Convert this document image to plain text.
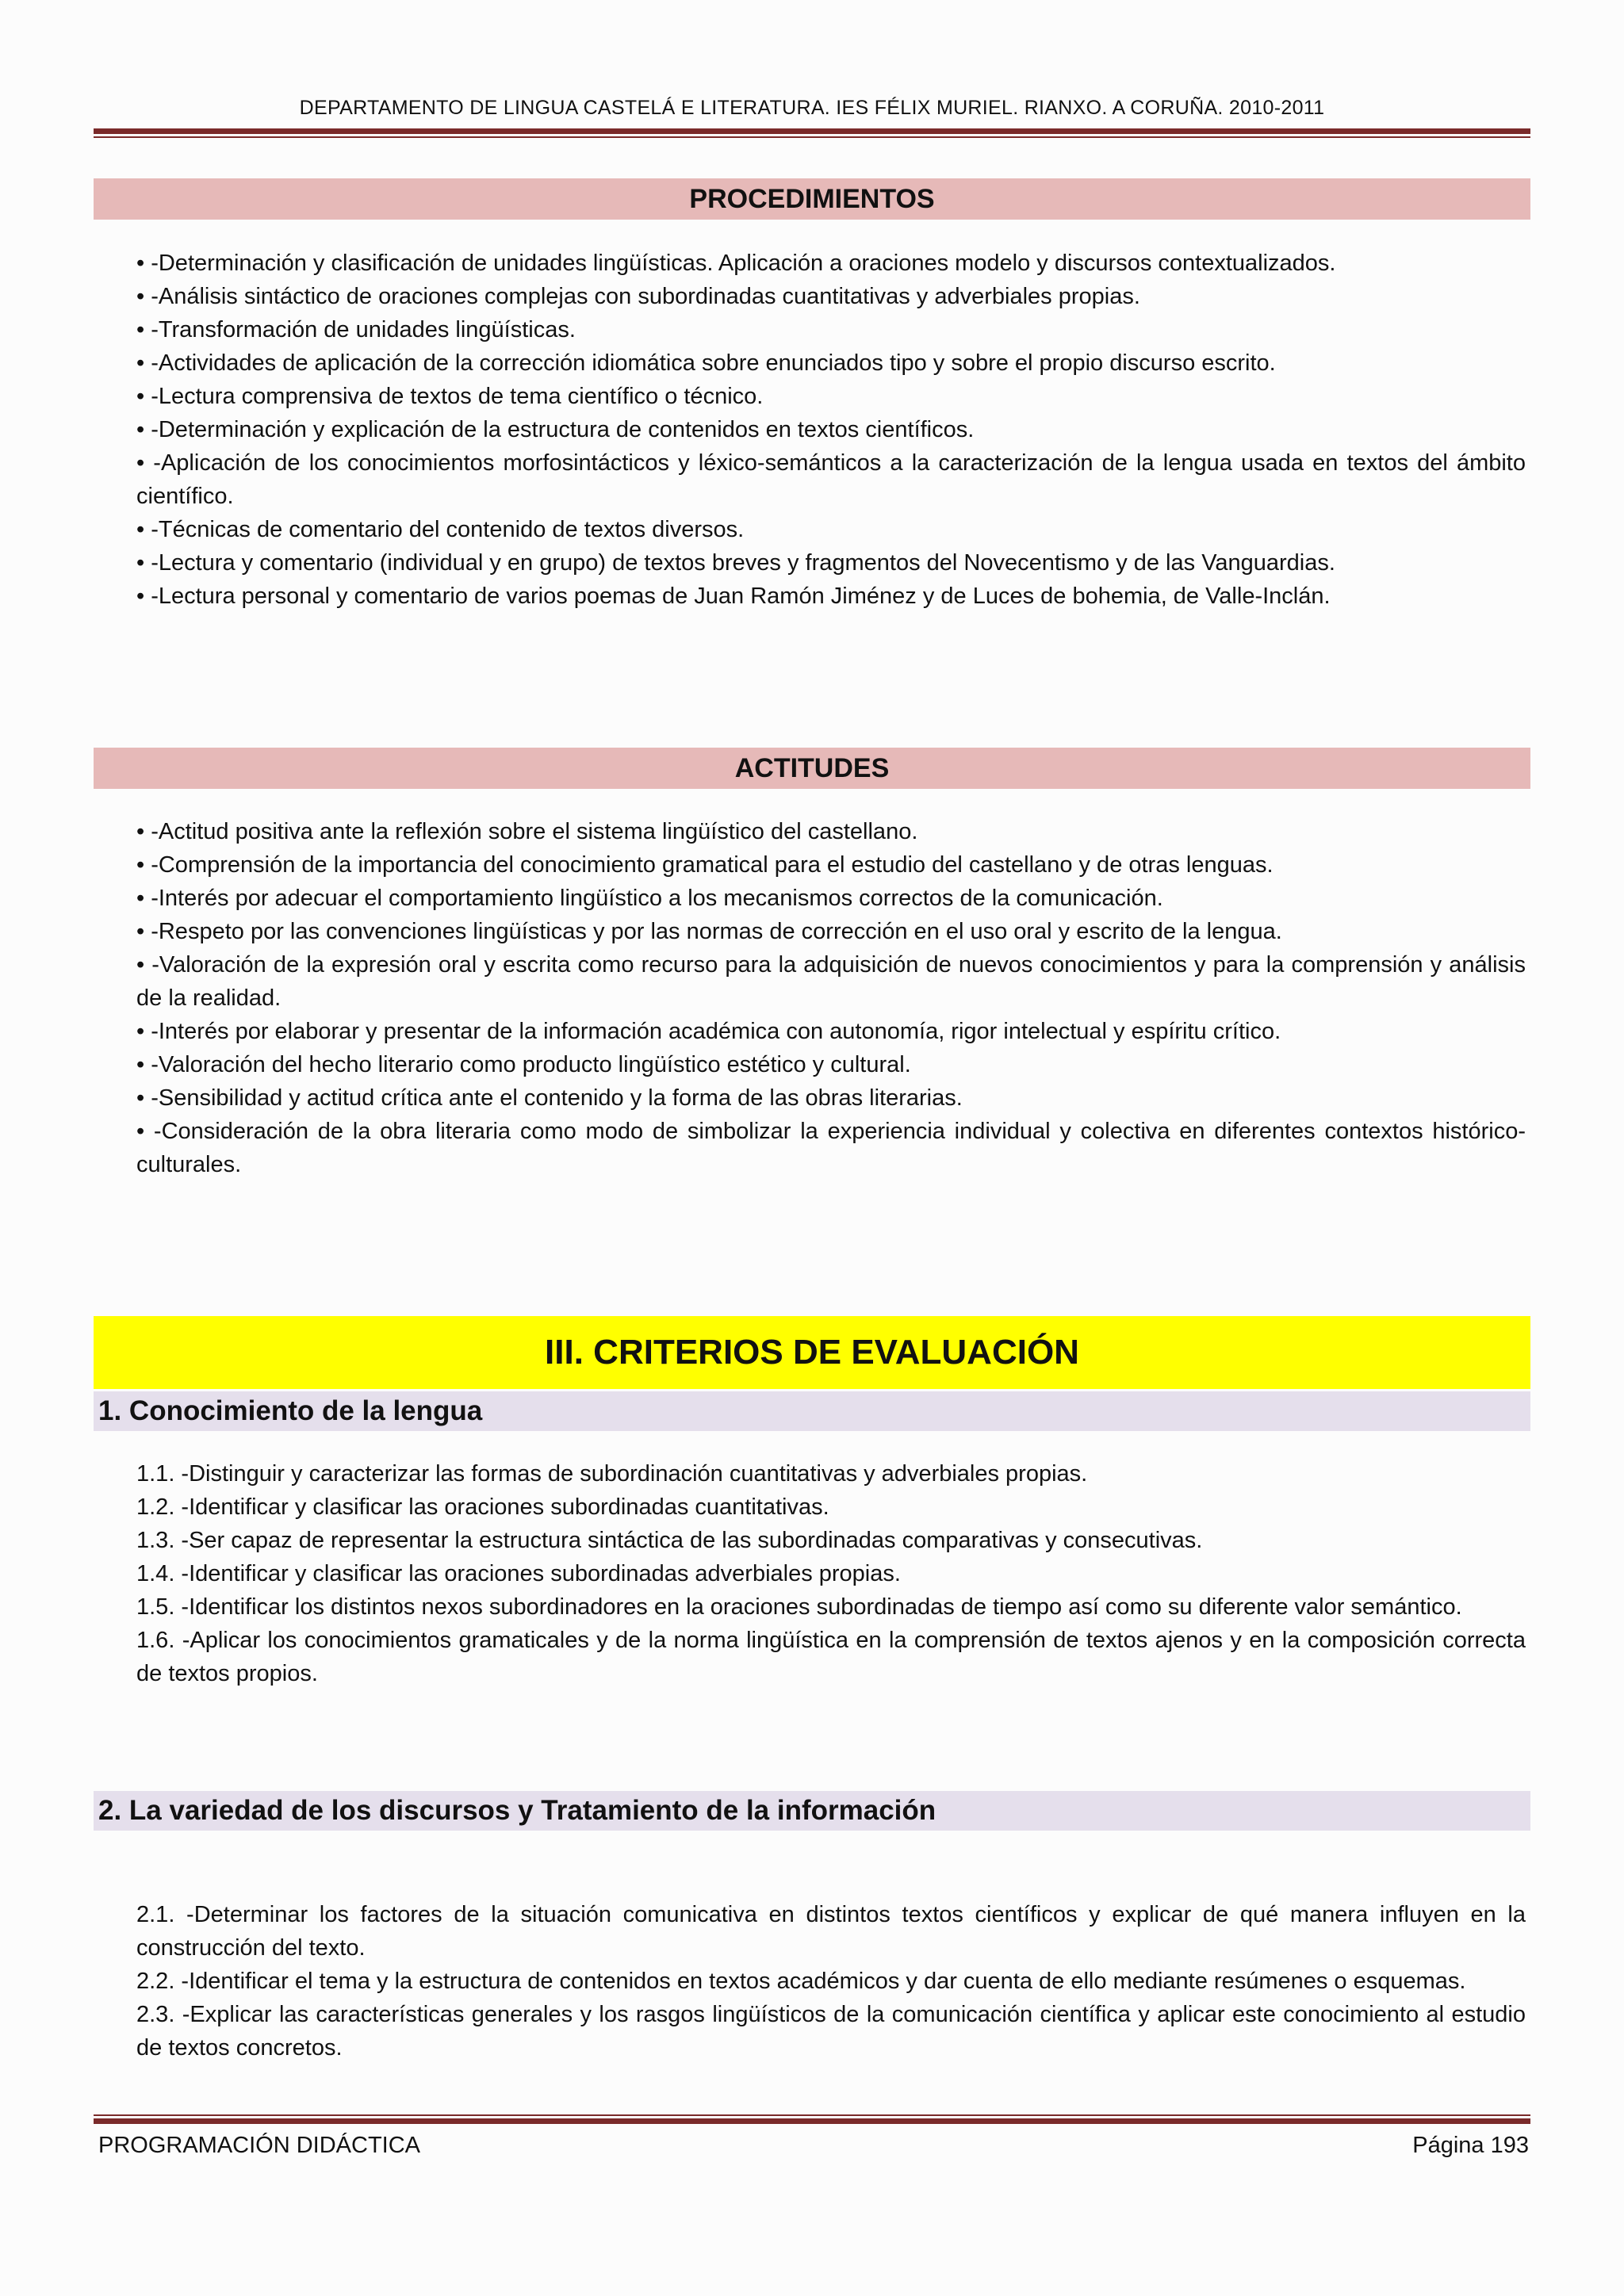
DEPARTAMENTO DE LINGUA CASTELÁ E LITERATURA. IES FÉLIX MURIEL. RIANXO. A CORUÑA. 2010-2011
PROCEDIMIENTOS
• -Determinación y clasificación de unidades lingüísticas. Aplicación a oraciones modelo y discursos contextualizados.
• -Análisis sintáctico de oraciones complejas con subordinadas cuantitativas y adverbiales propias.
• -Transformación de unidades lingüísticas.
• -Actividades de aplicación de la corrección idiomática sobre enunciados tipo y sobre el propio discurso escrito.
• -Lectura comprensiva de textos de tema científico o técnico.
• -Determinación y explicación de la estructura de contenidos en textos científicos.
• -Aplicación de los conocimientos morfosintácticos y léxico-semánticos a la caracterización de la lengua usada en textos del ámbito científico.
• -Técnicas de comentario del contenido de textos diversos.
• -Lectura y comentario (individual y en grupo) de textos breves y fragmentos del Novecentismo y de las Vanguardias.
• -Lectura personal y comentario de varios poemas de Juan Ramón Jiménez y de Luces de bohemia, de Valle-Inclán.
ACTITUDES
• -Actitud positiva ante la reflexión sobre el sistema lingüístico del castellano.
• -Comprensión de la importancia del conocimiento gramatical para el estudio del castellano y de otras lenguas.
• -Interés por adecuar el comportamiento lingüístico a los mecanismos correctos de la comunicación.
• -Respeto por las convenciones lingüísticas y por las normas de corrección en el uso oral y escrito de la lengua.
• -Valoración de la expresión oral y escrita como recurso para la adquisición de nuevos conocimientos y para la comprensión y análisis de la realidad.
• -Interés por elaborar y presentar de la información académica con autonomía, rigor intelectual y espíritu crítico.
• -Valoración del hecho literario como producto lingüístico estético y cultural.
• -Sensibilidad y actitud crítica ante el contenido y la forma de las obras literarias.
• -Consideración de la obra literaria como modo de simbolizar la experiencia individual y colectiva en diferentes contextos histórico-culturales.
III. CRITERIOS DE EVALUACIÓN
1. Conocimiento de la lengua
1.1. -Distinguir y caracterizar las formas de subordinación cuantitativas y adverbiales propias.
1.2. -Identificar y clasificar las oraciones subordinadas cuantitativas.
1.3. -Ser capaz de representar la estructura sintáctica de las subordinadas comparativas y consecutivas.
1.4. -Identificar y clasificar las oraciones subordinadas adverbiales propias.
1.5. -Identificar los distintos nexos subordinadores en la oraciones subordinadas de tiempo así como su diferente valor semántico.
1.6. -Aplicar los conocimientos gramaticales y de la norma lingüística en la comprensión de textos ajenos y en la composición correcta de textos propios.
2. La variedad de los discursos y Tratamiento de la información
2.1. -Determinar los factores de la situación comunicativa en distintos textos científicos y explicar de qué manera influyen en la construcción del texto.
2.2. -Identificar el tema y la estructura de contenidos en textos académicos y dar cuenta de ello mediante resúmenes o esquemas.
2.3. -Explicar las características generales y los rasgos lingüísticos de la comunicación científica y aplicar este conocimiento al estudio de textos concretos.
PROGRAMACIÓN DIDÁCTICA	Página 193
